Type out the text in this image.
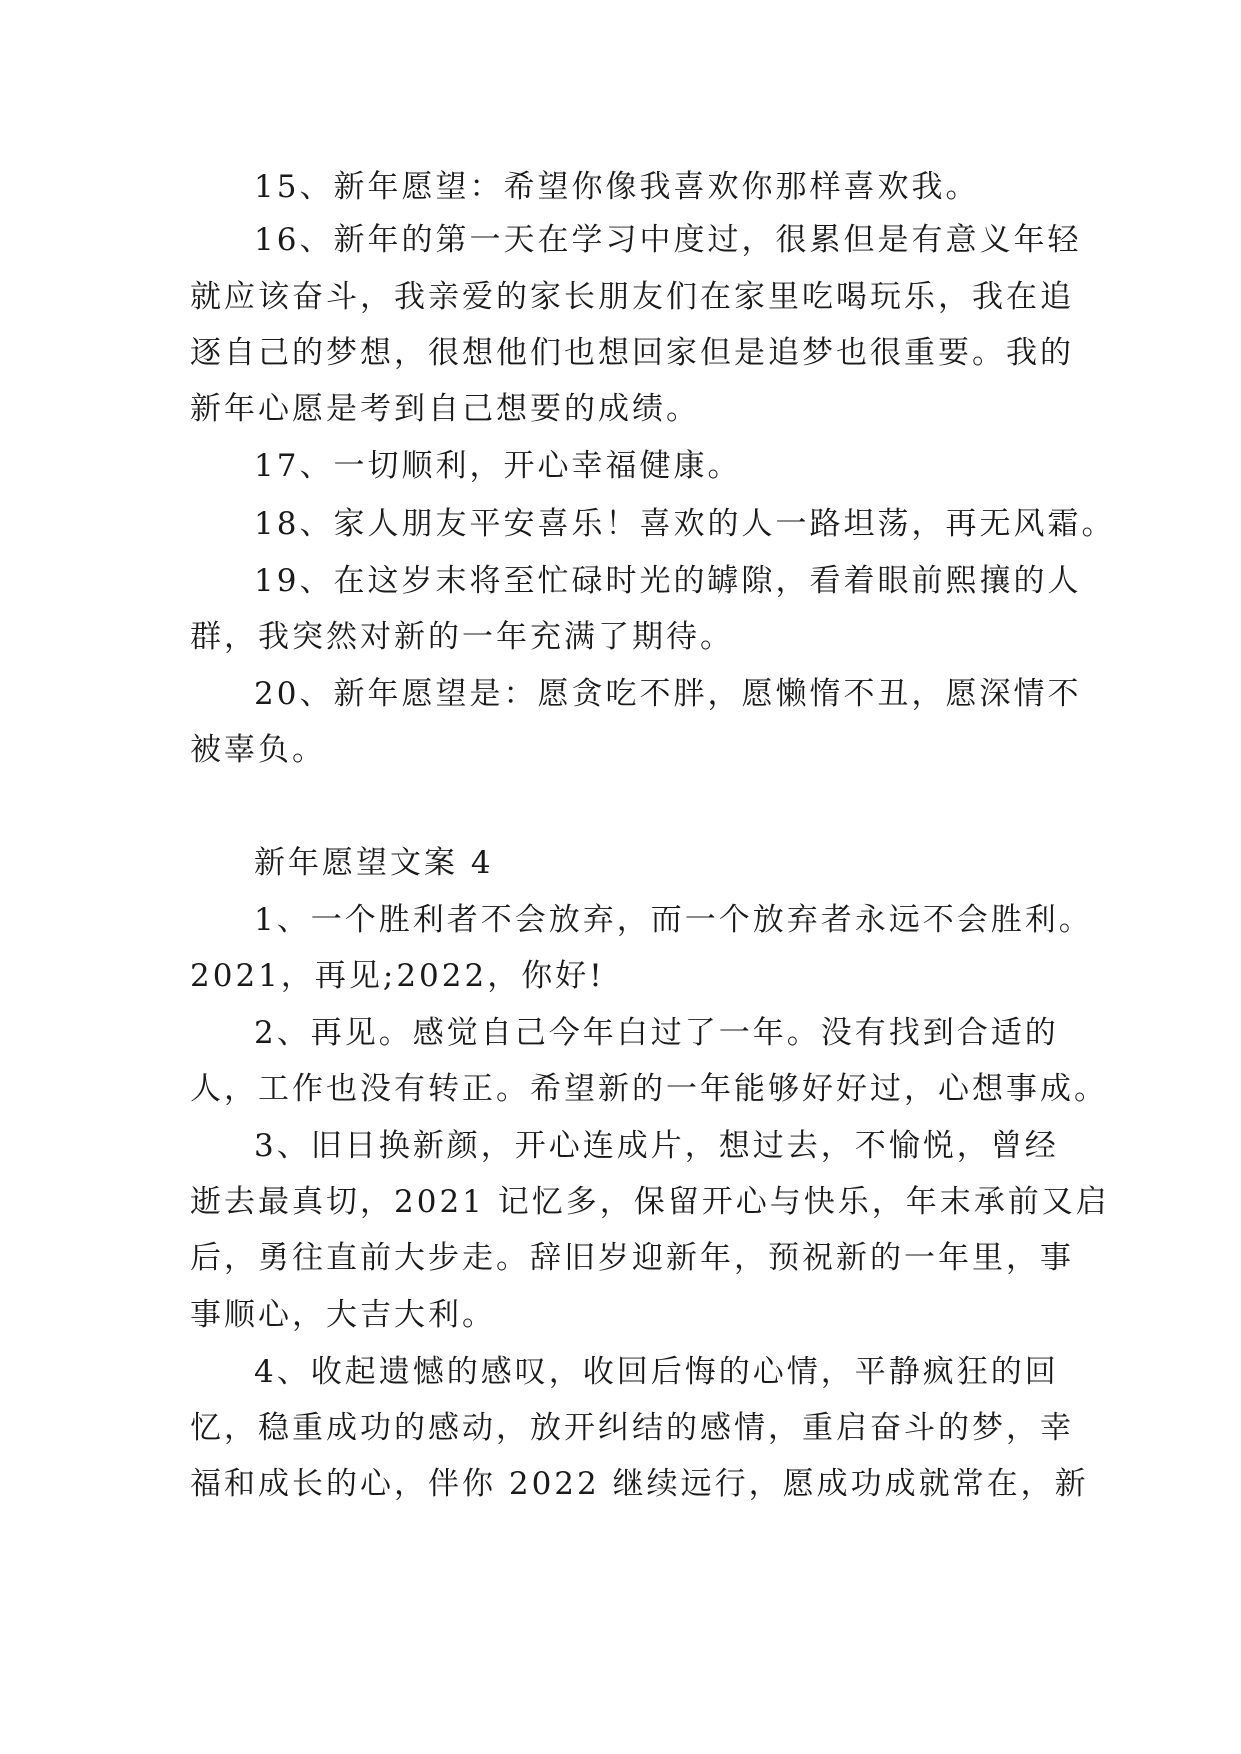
15、新年愿望：希望你像我喜欢你那样喜欢我。
16、新年的第一天在学习中度过，很累但是有意义年轻
就应该奋斗，我亲爱的家长朋友们在家里吃喝玩乐，我在追
逐自己的梦想，很想他们也想回家但是追梦也很重要。我的
新年心愿是考到自己想要的成绩。
17、一切顺利，开心幸福健康。
18、家人朋友平安喜乐！喜欢的人一路坦荡，再无风霜。
19、在这岁末将至忙碌时光的罅隙，看着眼前熙攘的人
群，我突然对新的一年充满了期待。
20、新年愿望是：愿贪吃不胖，愿懒惰不丑，愿深情不
被辜负。
新年愿望文案 4
1、一个胜利者不会放弃，而一个放弃者永远不会胜利。
2021，再见;2022，你好!
2、再见。感觉自己今年白过了一年。没有找到合适的
人，工作也没有转正。希望新的一年能够好好过，心想事成。
3、旧日换新颜，开心连成片，想过去，不愉悦，曾经
逝去最真切，2021 记忆多，保留开心与快乐，年末承前又启
后，勇往直前大步走。辞旧岁迎新年，预祝新的一年里，事
事顺心，大吉大利。
4、收起遗憾的感叹，收回后悔的心情，平静疯狂的回
忆，稳重成功的感动，放开纠结的感情，重启奋斗的梦，幸
福和成长的心，伴你 2022 继续远行，愿成功成就常在，新
